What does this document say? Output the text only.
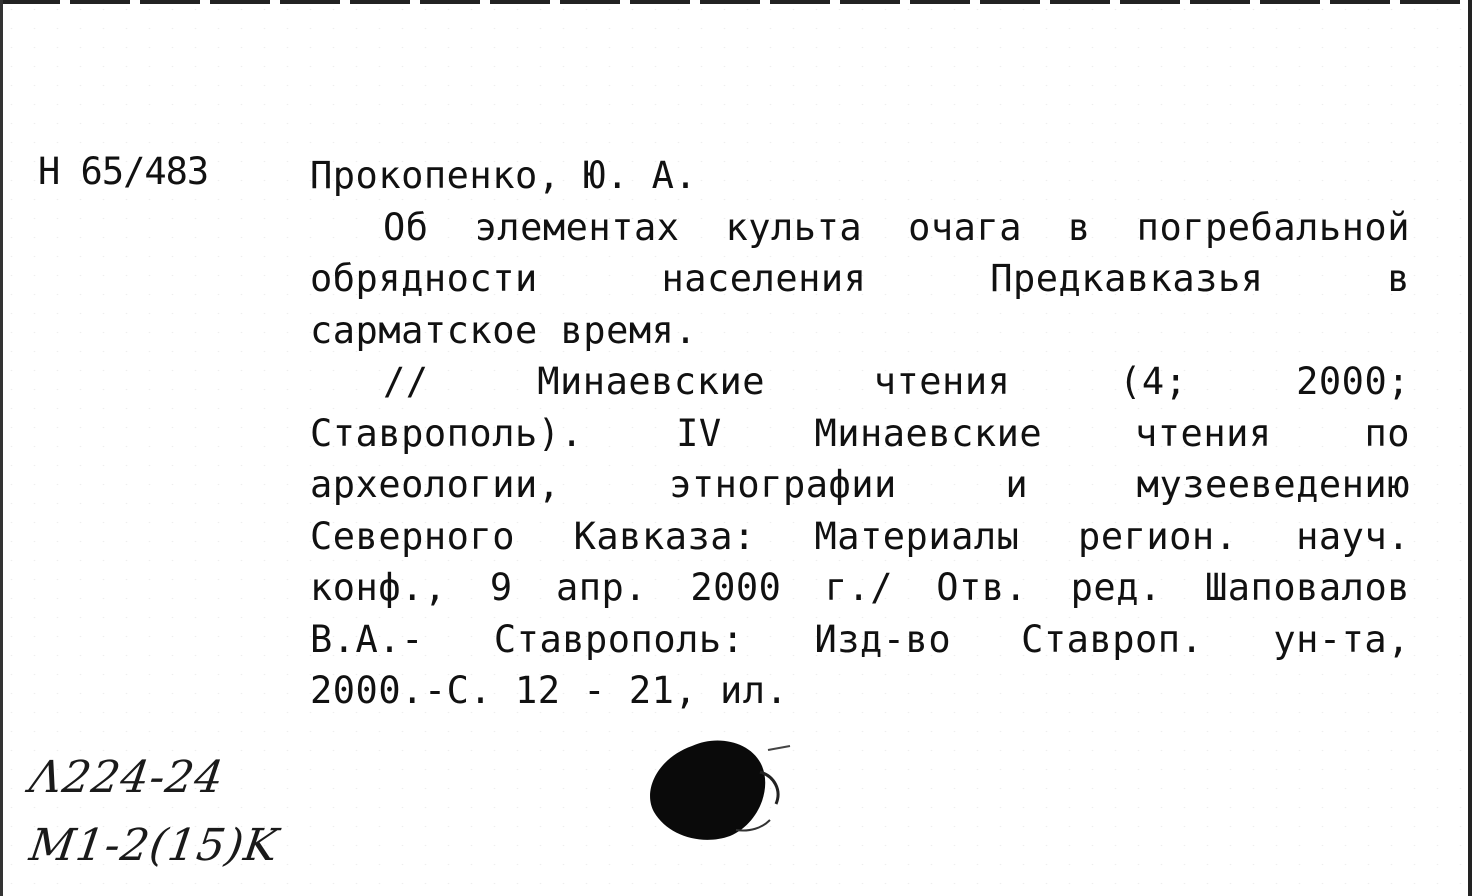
Н 65/483	Прокопенко, Ю. А.
Об элементах культа очага в погребальной
обрядности населения Предкавказья в
сарматское время.
// Минаевские чтения (4; 2000;
Ставрополь). IV Минаевские чтения по
археологии, этнографии и музееведению
Северного Кавказа: Материалы регион. науч.
конф., 9 апр. 2000 г./ Отв. ред. Шаповалов
В.А.- Ставрополь: Изд-во Ставроп. ун-та,
2000.-С. 12 - 21, ил.
Λ224-24
M1-2(15)K
